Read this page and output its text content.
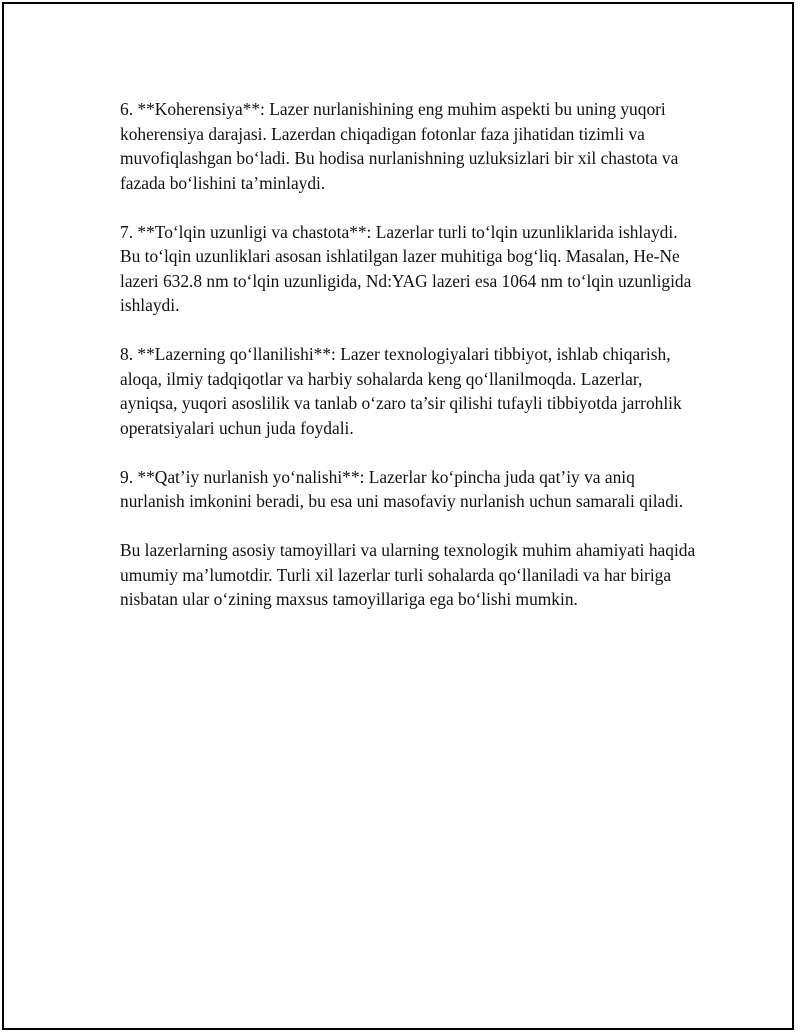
6. **Koherensiya**: Lazer nurlanishining eng muhim aspekti bu uning yuqori koherensiya darajasi. Lazerdan chiqadigan fotonlar faza jihatidan tizimli va muvofiqlashgan bo‘ladi. Bu hodisa nurlanishning uzluksizlari bir xil chastota va fazada bo‘lishini ta’minlaydi.

7. **To‘lqin uzunligi va chastota**: Lazerlar turli to‘lqin uzunliklarida ishlaydi. Bu to‘lqin uzunliklari asosan ishlatilgan lazer muhitiga bog‘liq. Masalan, He-Ne lazeri 632.8 nm to‘lqin uzunligida, Nd:YAG lazeri esa 1064 nm to‘lqin uzunligida ishlaydi.

8. **Lazerning qo‘llanilishi**: Lazer texnologiyalari tibbiyot, ishlab chiqarish, aloqa, ilmiy tadqiqotlar va harbiy sohalarda keng qo‘llanilmoqda. Lazerlar, ayniqsa, yuqori asoslilik va tanlab o‘zaro ta’sir qilishi tufayli tibbiyotda jarrohlik operatsiyalari uchun juda foydali.

9. **Qat’iy nurlanish yo‘nalishi**: Lazerlar ko‘pincha juda qat’iy va aniq nurlanish imkonini beradi, bu esa uni masofaviy nurlanish uchun samarali qiladi.

Bu lazerlarning asosiy tamoyillari va ularning texnologik muhim ahamiyati haqida umumiy ma’lumotdir. Turli xil lazerlar turli sohalarda qo‘llaniladi va har biriga nisbatan ular o‘zining maxsus tamoyillariga ega bo‘lishi mumkin.
